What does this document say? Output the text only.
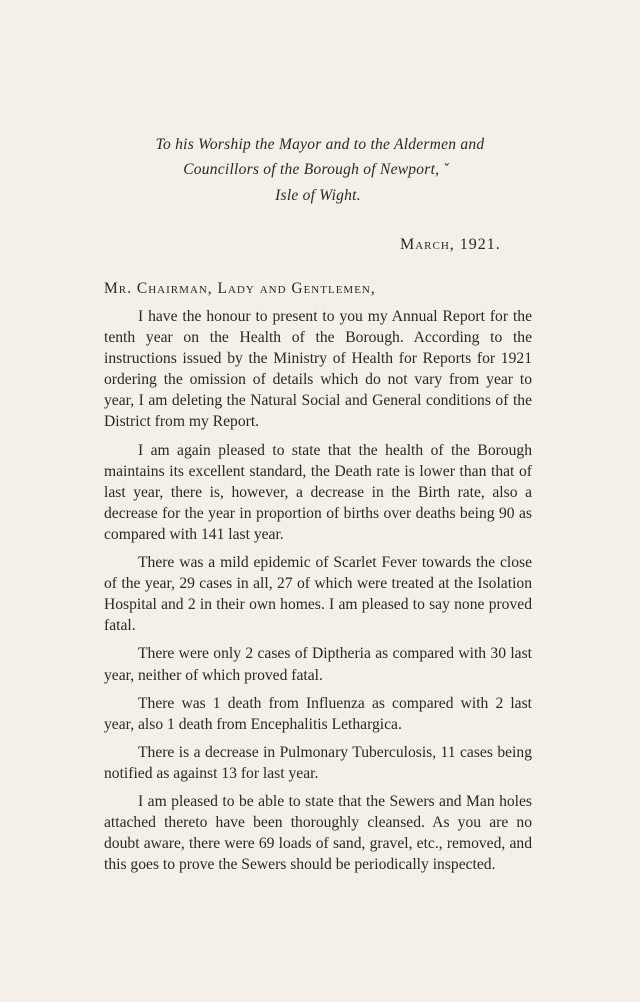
To his Worship the Mayor and to the Aldermen and
Councillors of the Borough of Newport, ˇ
Isle of Wight.
March, 1921.
Mr. Chairman, Lady and Gentlemen,

I have the honour to present to you my Annual Report for the tenth year on the Health of the Borough. According to the instructions issued by the Ministry of Health for Reports for 1921 ordering the omission of details which do not vary from year to year, I am deleting the Natural Social and General conditions of the District from my Report.

I am again pleased to state that the health of the Borough maintains its excellent standard, the Death rate is lower than that of last year, there is, however, a decrease in the Birth rate, also a decrease for the year in proportion of births over deaths being 90 as compared with 141 last year.

There was a mild epidemic of Scarlet Fever towards the close of the year, 29 cases in all, 27 of which were treated at the Isolation Hospital and 2 in their own homes. I am pleased to say none proved fatal.

There were only 2 cases of Diptheria as compared with 30 last year, neither of which proved fatal.

There was 1 death from Influenza as compared with 2 last year, also 1 death from Encephalitis Lethargica.

There is a decrease in Pulmonary Tuberculosis, 11 cases being notified as against 13 for last year.

I am pleased to be able to state that the Sewers and Man holes attached thereto have been thoroughly cleansed. As you are no doubt aware, there were 69 loads of sand, gravel, etc., removed, and this goes to prove the Sewers should be periodically inspected.
